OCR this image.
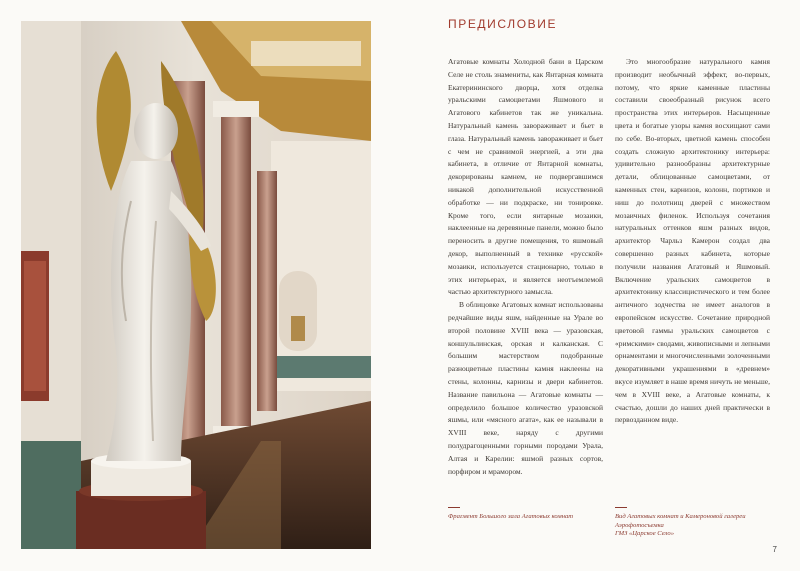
ПРЕДИСЛОВИЕ

Агатовые комнаты Холодной бани в Царском Селе не столь знамениты, как Янтарная комната Екатерининского дворца, хотя отделка уральскими самоцветами Яшмового и Агатового кабинетов так же уникальна. Натуральный камень завораживает и бьет в глаза. Натуральный камень завораживает и бьет с чем не сравнимой энергией, а эти два кабинета, в отличие от Янтарной комнаты, декорированы камнем, не подвергавшимся никакой дополнительной искусственной обработке — ни подкраске, ни тонировке. Кроме того, если янтарные мозаики, наклеенные на деревянные панели, можно было переносить в другие помещения, то яшмовый декор, выполненный в технике «русской» мозаики, используется стационарно, только в этих интерьерах, и является неотъемлемой частью архитектурного замысла.

В облицовке Агатовых комнат использованы редчайшие виды яшм, найденные на Урале во второй половине XVIII века — уразовская, коншульлинская, орская и калканская. С большим мастерством подобранные разноцветные пластины камня наклеены на стены, колонны, карнизы и двери кабинетов. Название павильона — Агатовые комнаты — определило большое количество уразовской яшмы, или «мясного агата», как ее называли в XVIII веке, наряду с другими полудрагоценными горными породами Урала, Алтая и Карелии: яшмой разных сортов, порфиром и мрамором.

Это многообразие натурального камня производит необычный эффект, во-первых, потому, что яркие каменные пластины составили своеобразный рисунок всего пространства этих интерьеров. Насыщенные цвета и богатые узоры камня восхищают сами по себе. Во-вторых, цветной камень способен создать сложную архитектонику интерьера: удивительно разнообразны архитектурные детали, облицованные самоцветами, от каменных стен, карнизов, колонн, портиков и ниш до полотнищ дверей с множеством мозаичных филенок. Используя сочетания натуральных оттенков яшм разных видов, архитектор Чарльз Камерон создал два совершенно разных кабинета, которые получили названия Агатовый и Яшмовый. Включение уральских самоцветов в архитектонику классицистического и тем более античного зодчества не имеет аналогов в европейском искусстве. Сочетание природной цветовой гаммы уральских самоцветов с «римскими» сводами, живописными и лепными орнаментами и многочисленными золоченными декоративными украшениями в «древнем» вкусе изумляет в наше время ничуть не меньше, чем в XVIII веке, а Агатовые комнаты, к счастью, дошли до наших дней практически в первозданном виде.

Фрагмент Большого зала Агатовых комнат	Вид Агатовых комнат и Камероновой галереи
Аэрофотосъемка
ГМЗ «Царское Село»
7
